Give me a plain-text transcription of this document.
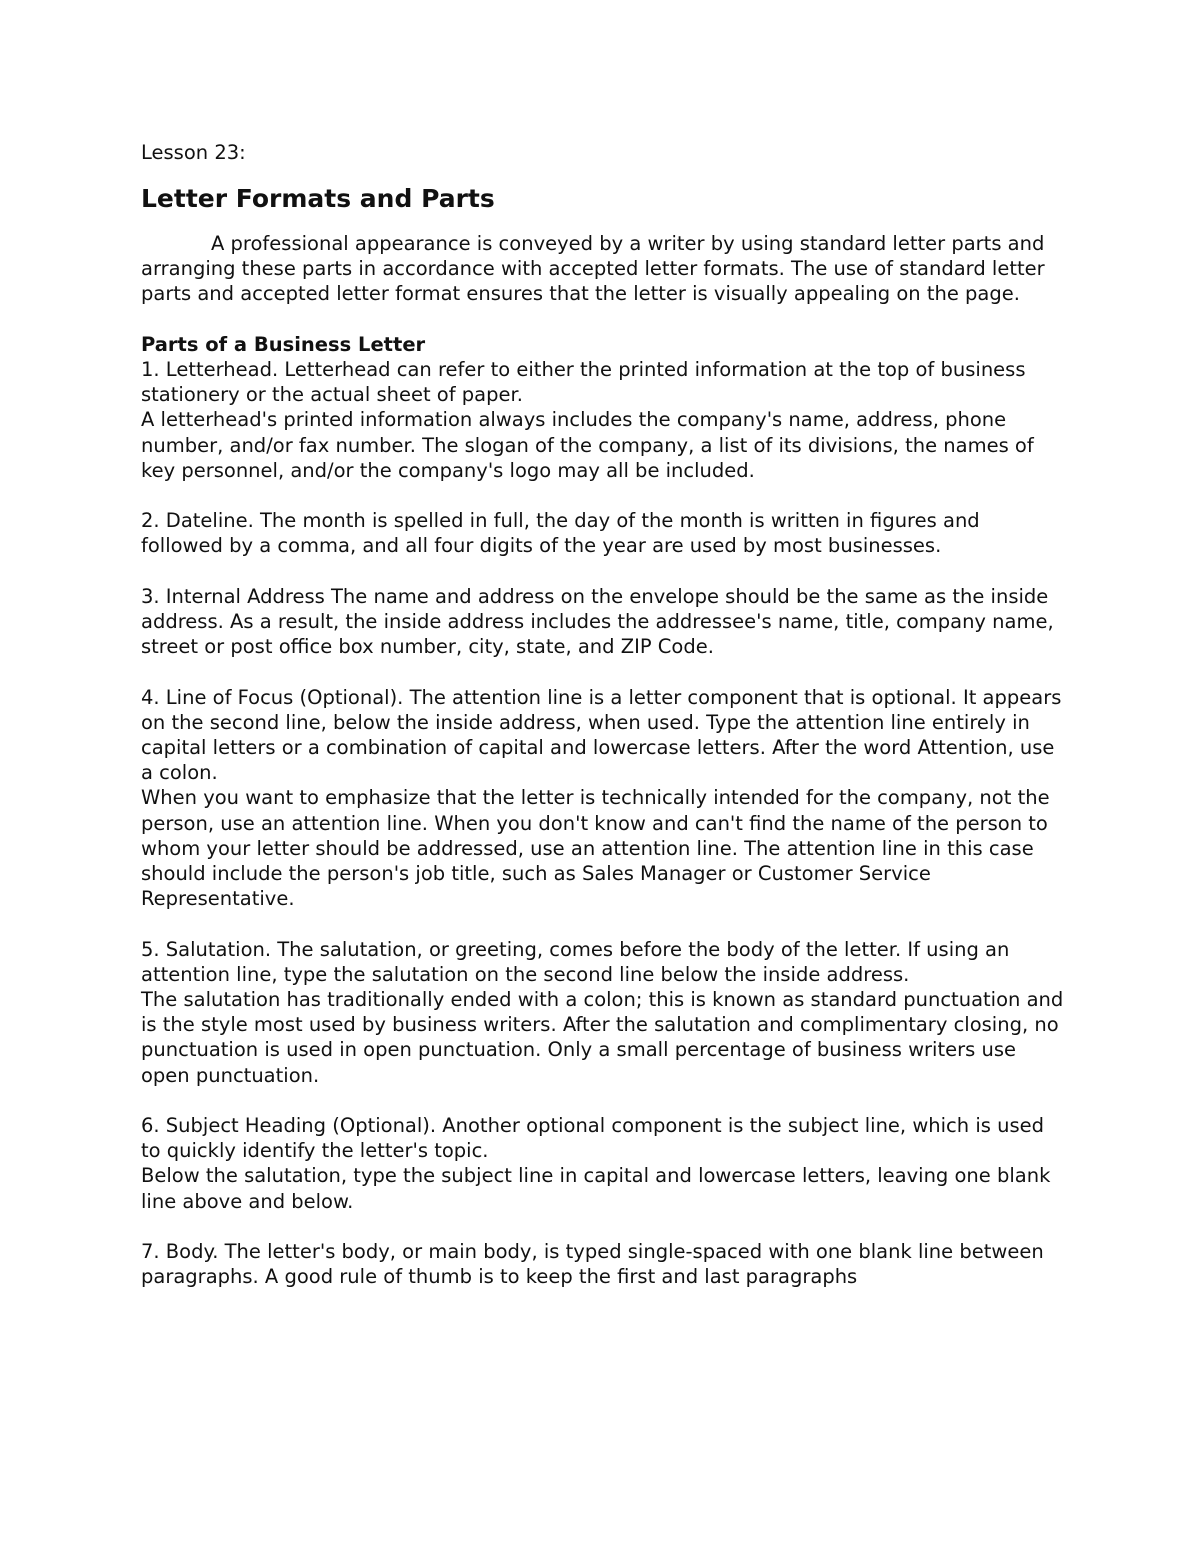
Lesson 23:

Letter Formats and Parts

A professional appearance is conveyed by a writer by using standard letter parts and arranging these parts in accordance with accepted letter formats. The use of standard letter parts and accepted letter format ensures that the letter is visually appealing on the page.

Parts of a Business Letter

1. Letterhead. Letterhead can refer to either the printed information at the top of business stationery or the actual sheet of paper.

A letterhead's printed information always includes the company's name, address, phone number, and/or fax number. The slogan of the company, a list of its divisions, the names of key personnel, and/or the company's logo may all be included.

2. Dateline. The month is spelled in full, the day of the month is written in figures and followed by a comma, and all four digits of the year are used by most businesses.

3. Internal Address The name and address on the envelope should be the same as the inside address. As a result, the inside address includes the addressee's name, title, company name, street or post office box number, city, state, and ZIP Code.

4. Line of Focus (Optional). The attention line is a letter component that is optional. It appears on the second line, below the inside address, when used. Type the attention line entirely in capital letters or a combination of capital and lowercase letters. After the word Attention, use a colon.

When you want to emphasize that the letter is technically intended for the company, not the person, use an attention line. When you don't know and can't find the name of the person to whom your letter should be addressed, use an attention line. The attention line in this case should include the person's job title, such as Sales Manager or Customer Service Representative.

5. Salutation. The salutation, or greeting, comes before the body of the letter. If using an attention line, type the salutation on the second line below the inside address.

The salutation has traditionally ended with a colon; this is known as standard punctuation and is the style most used by business writers. After the salutation and complimentary closing, no punctuation is used in open punctuation. Only a small percentage of business writers use open punctuation.

6. Subject Heading (Optional). Another optional component is the subject line, which is used to quickly identify the letter's topic.

Below the salutation, type the subject line in capital and lowercase letters, leaving one blank line above and below.

7. Body. The letter's body, or main body, is typed single-spaced with one blank line between paragraphs. A good rule of thumb is to keep the first and last paragraphs
